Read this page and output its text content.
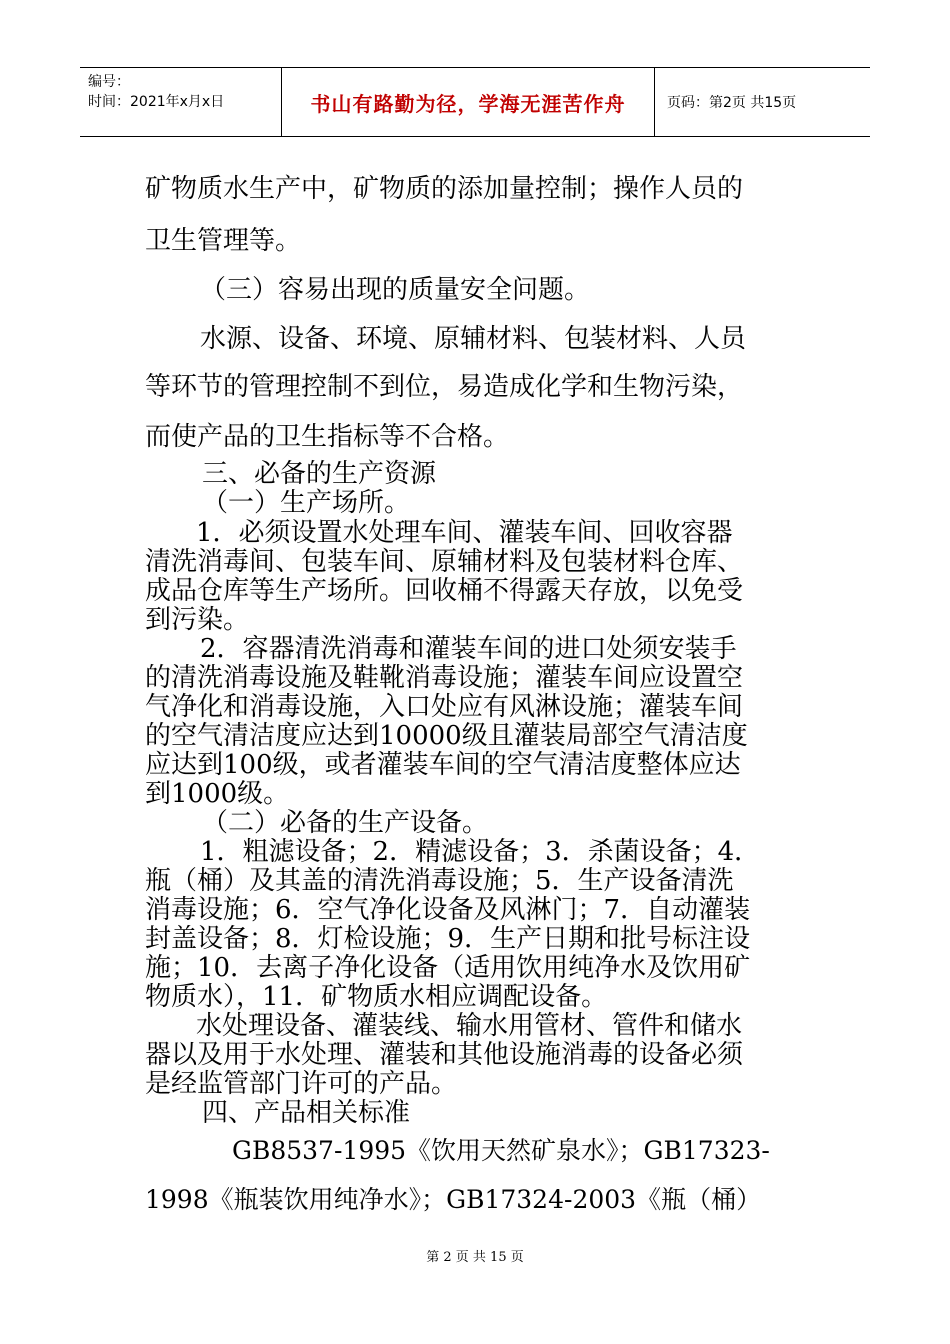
编号：
时间：2021年x月x日	书山有路勤为径，学海无涯苦作舟	页码：第2页 共15页
矿物质水生产中，矿物质的添加量控制；操作人员的
卫生管理等。
（三）容易出现的质量安全问题。
水源、设备、环境、原辅材料、包装材料、人员
等环节的管理控制不到位，易造成化学和生物污染，
而使产品的卫生指标等不合格。
三、必备的生产资源
（一）生产场所。
1．必须设置水处理车间、灌装车间、回收容器
清洗消毒间、包装车间、原辅材料及包装材料仓库、
成品仓库等生产场所。回收桶不得露天存放，以免受
到污染。
2．容器清洗消毒和灌装车间的进口处须安装手
的清洗消毒设施及鞋靴消毒设施；灌装车间应设置空
气净化和消毒设施，入口处应有风淋设施；灌装车间
的空气清洁度应达到10000级且灌装局部空气清洁度
应达到100级，或者灌装车间的空气清洁度整体应达
到1000级。
（二）必备的生产设备。
1．粗滤设备；2．精滤设备；3．杀菌设备；4．
瓶（桶）及其盖的清洗消毒设施；5．生产设备清洗
消毒设施；6．空气净化设备及风淋门；7．自动灌装
封盖设备；8．灯检设施；9．生产日期和批号标注设
施；10．去离子净化设备（适用饮用纯净水及饮用矿
物质水），11．矿物质水相应调配设备。
水处理设备、灌装线、输水用管材、管件和储水
器以及用于水处理、灌装和其他设施消毒的设备必须
是经监管部门许可的产品。
四、产品相关标准
GB8537-1995《饮用天然矿泉水》；GB17323-
1998《瓶装饮用纯净水》；GB17324-2003《瓶（桶）
第 2 页 共 15 页
